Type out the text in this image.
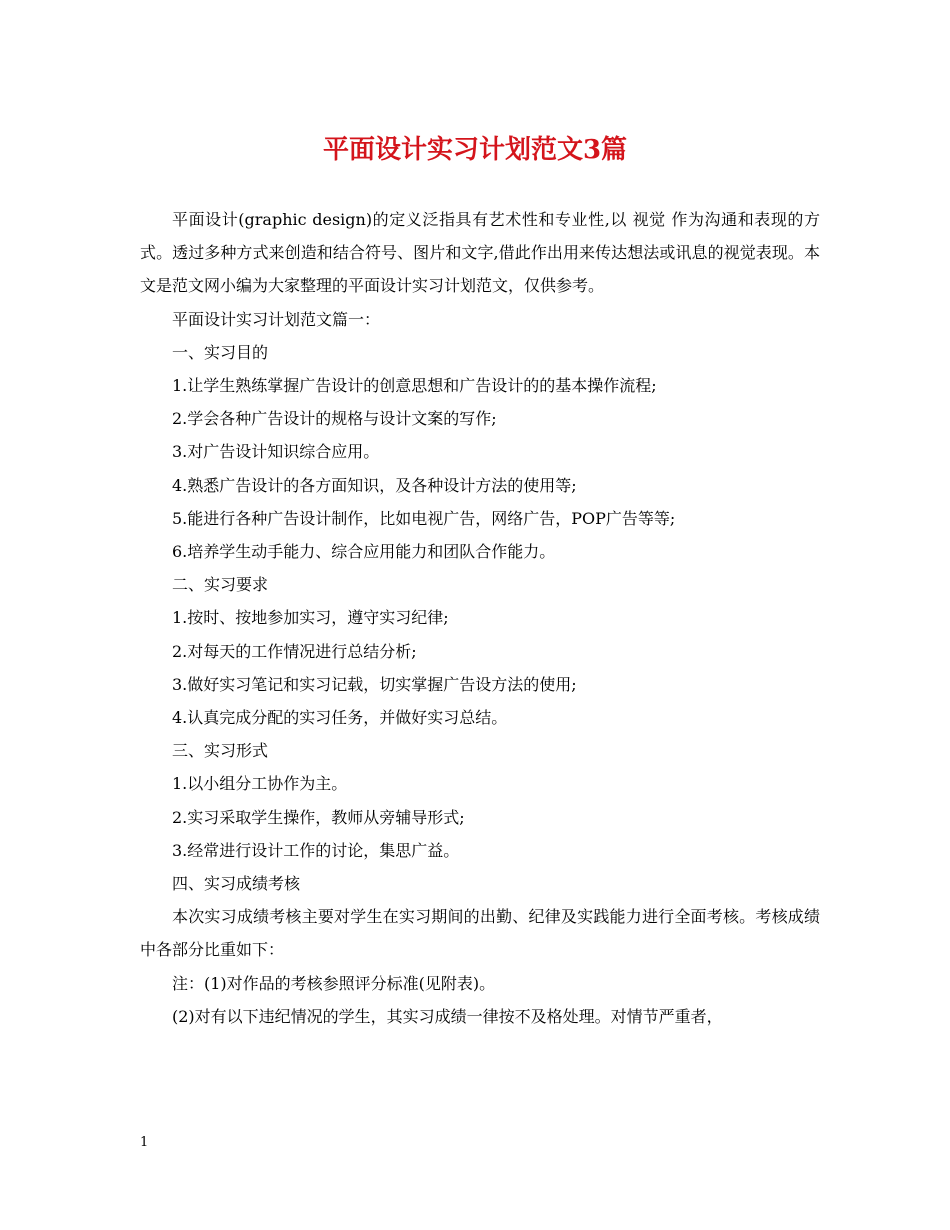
平面设计实习计划范文3篇

平面设计(graphic design)的定义泛指具有艺术性和专业性,以 视觉 作为沟通和表现的方式。透过多种方式来创造和结合符号、图片和文字,借此作出用来传达想法或讯息的视觉表现。本文是范文网小编为大家整理的平面设计实习计划范文，仅供参考。

平面设计实习计划范文篇一：

一、实习目的

1.让学生熟练掌握广告设计的创意思想和广告设计的的基本操作流程;

2.学会各种广告设计的规格与设计文案的写作;

3.对广告设计知识综合应用。

4.熟悉广告设计的各方面知识，及各种设计方法的使用等;

5.能进行各种广告设计制作，比如电视广告，网络广告，POP广告等等;

6.培养学生动手能力、综合应用能力和团队合作能力。

二、实习要求

1.按时、按地参加实习，遵守实习纪律;

2.对每天的工作情况进行总结分析;

3.做好实习笔记和实习记载，切实掌握广告设方法的使用;

4.认真完成分配的实习任务，并做好实习总结。

三、实习形式

1.以小组分工协作为主。

2.实习采取学生操作，教师从旁辅导形式;

3.经常进行设计工作的讨论，集思广益。

四、实习成绩考核

本次实习成绩考核主要对学生在实习期间的出勤、纪律及实践能力进行全面考核。考核成绩中各部分比重如下：

注：(1)对作品的考核参照评分标准(见附表)。

(2)对有以下违纪情况的学生，其实习成绩一律按不及格处理。对情节严重者，

1
